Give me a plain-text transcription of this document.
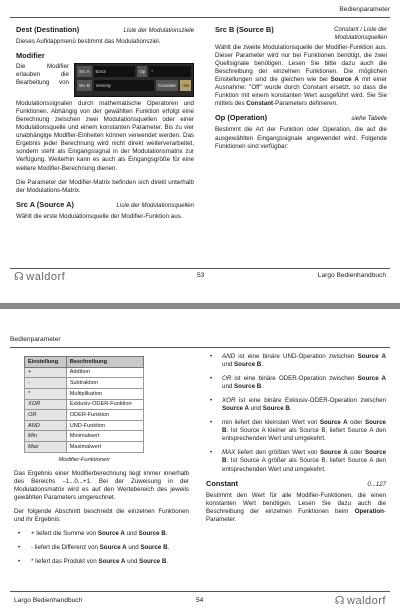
Bedienparameter
Dest (Destination)	Liste der Modulationsziele

Dieses Aufklappmenü bestimmt das Modulationsziel.

Modifier

Src A	Env3	Op	*
Src B	Velocity	Constant	+66
Die Modifier erlauben die Bearbeitung von Modulationssignalen durch mathematische Operatoren und Funktionen. Abhängig von der gewählten Funktion erfolgt eine Berechnung zwischen zwei Modulationsquellen oder einer Modulationsquelle und einem konstanten Parameter. Bis zu vier unabhängige Modifier-Einheiten können verwendet werden. Das Ergebnis jeder Berechnung wird nicht direkt weiterverarbeitet, sondern steht als Eingangssignal in der Modulationsmatrix zur Verfügung. Weiterhin kann es auch als Eingangsgröße für eine weitere Modifier-Berechnung dienen.

Die Parameter der Modifier-Matrix befinden sich direkt unterhalb der Modulations-Matrix.

Src A (Source A)	Liste der Modulationsquellen

Wählt die erste Modulationsquelle der Modifier-Funktion aus.

Src B (Source B)	Constant / Liste der Modulationsquellen

Wählt die zweite Modulationsquelle der Modifier-Funktion aus. Dieser Parameter wird nur bei Funktionen benötigt, die zwei Quellsignale benötigen. Lesen Sie bitte dazu auch die Beschreibung der einzelnen Funktionen. Die möglichen Einstellungen sind die gleichen wie bei Source A mit einer Ausnahme: "Off" wurde durch Constant ersetzt, so dass die Funktion mit einem konstanten Wert ausgeführt wird. Sie Sie mittels des Constant-Parameters definieren.

Op (Operation)	siehe Tabelle

Bestimmt die Art der Funktion oder Operation, die auf die ausgewählten Eingangssignale angewendet wird. Folgende Funktionen sind verfügbar:

☊ waldorf	53	Largo Bedienhandbuch
Bedienparameter
Einstellung	Beschreibung
+	Addition
-	Subtraktion
*	Multiplikation
XOR	Exklusiv-ODER-Funktion
OR	ODER-Funktion
AND	UND-Funktion
Min	Minimalwert
Max	Maximalwert
Modifier-Funktionen

Das Ergebnis einer Modifierberechnung liegt immer innerhalb des Bereichs –1...0...+1. Bei der Zuweisung in der Modulationsmatrix wird es auf den Wertebereich des jeweils gewählten Parameters umgerechnet.

Der folgende Abschnitt beschreibt die einzelnen Funktionen und ihr Ergebnis:

• + liefert die Summe von Source A und Source B.
• - liefert die Differenz von Source A und Source B.
• * liefert das Produkt von Source A und Source B.
• AND ist eine binäre UND-Operation zwischen Source A und Source B.
• OR ist eine binäre ODER-Operation zwischen Source A und Source B.
• XOR ist eine binäre Exklusiv-ODER-Operation zwischen Source A und Source B.
• min liefert den kleinsten Wert von Source A oder Source B. Ist Source A kleiner als Source B, liefert Source A den entsprechenden Wert und umgekehrt.
• MAX liefert den größten Wert von Source A oder Source B. Ist Source A größer als Source B, liefert Source A den entsprechenden Wert und umgekehrt.
Constant	0...127

Bestimmt den Wert für alle Modifier-Funktionen, die einen konstanten Wert benötigen. Lesen Sie dazu auch die Beschreibung der einzelnen Funktionen beim Operation-Parameter.

Largo Bedienhandbuch	54	☊ waldorf
